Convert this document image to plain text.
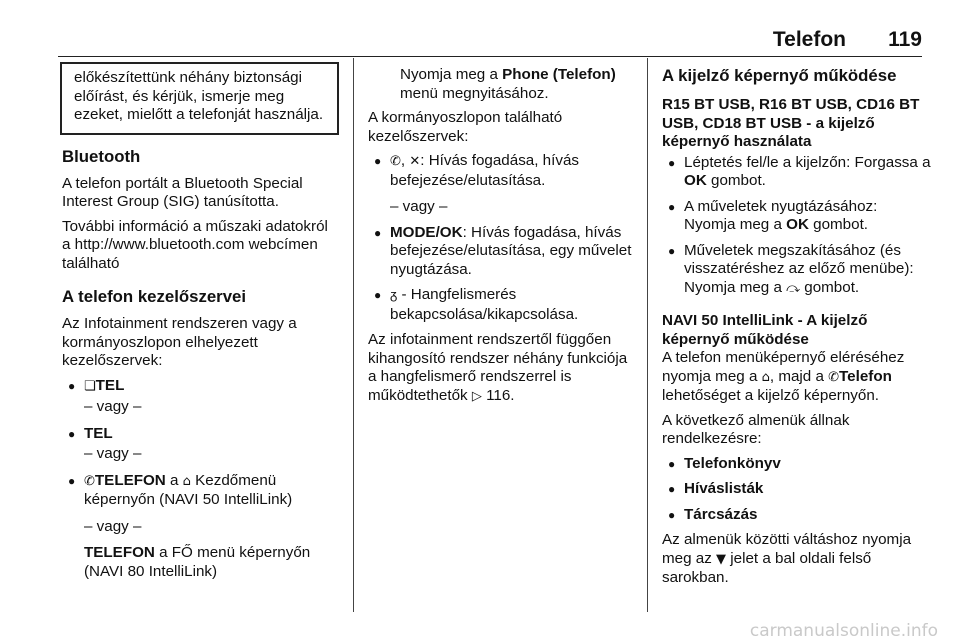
Telefon 119
előkészítettünk néhány biztonsági előírást, és kérjük, ismerje meg ezeket, mielőtt a telefonját használja.
Bluetooth

A telefon portált a Bluetooth Special Interest Group (SIG) tanúsította.

További információ a műszaki adatokról a http://www.bluetooth.com webcímen található

A telefon kezelőszervei

Az Infotainment rendszeren vagy a kormányoszlopon elhelyezett kezelőszervek:

● ❏TEL
– vagy –
● TEL
– vagy –
● ✆TELEFON a ⌂ Kezdőmenü képernyőn (NAVI 50 IntelliLink)
– vagy –
TELEFON a FŐ menü képernyőn (NAVI 80 IntelliLink)

Nyomja meg a Phone (Telefon) menü megnyitásához.

A kormányoszlopon található kezelőszervek:

● ✆, ✕: Hívás fogadása, hívás befejezése/elutasítása.
– vagy –
● MODE/OK: Hívás fogadása, hívás befejezése/elutasítása, egy művelet nyugtázása.
● ᵹ - Hangfelismerés bekapcsolása/kikapcsolása.

Az infotainment rendszertől függően kihangosító rendszer néhány funkciója a hangfelismerő rendszerrel is működtethetők ▷ 116.

A kijelző képernyő működése
R15 BT USB, R16 BT USB, CD16 BT USB, CD18 BT USB - a kijelző képernyő használata
● Léptetés fel/le a kijelzőn: Forgassa a OK gombot.
● A műveletek nyugtázásához: Nyomja meg a OK gombot.
● Műveletek megszakításához (és visszatéréshez az előző menübe): Nyomja meg a ⤼ gombot.
NAVI 50 IntelliLink - A kijelző képernyő működése

A telefon menüképernyő eléréséhez nyomja meg a ⌂, majd a ✆Telefon lehetőséget a kijelző képernyőn.

A következő almenük állnak rendelkezésre:

● Telefonkönyv
● Híváslisták
● Tárcsázás

Az almenük közötti váltáshoz nyomja meg az ▼ jelet a bal oldali felső sarokban.

carmanualsonline.info
